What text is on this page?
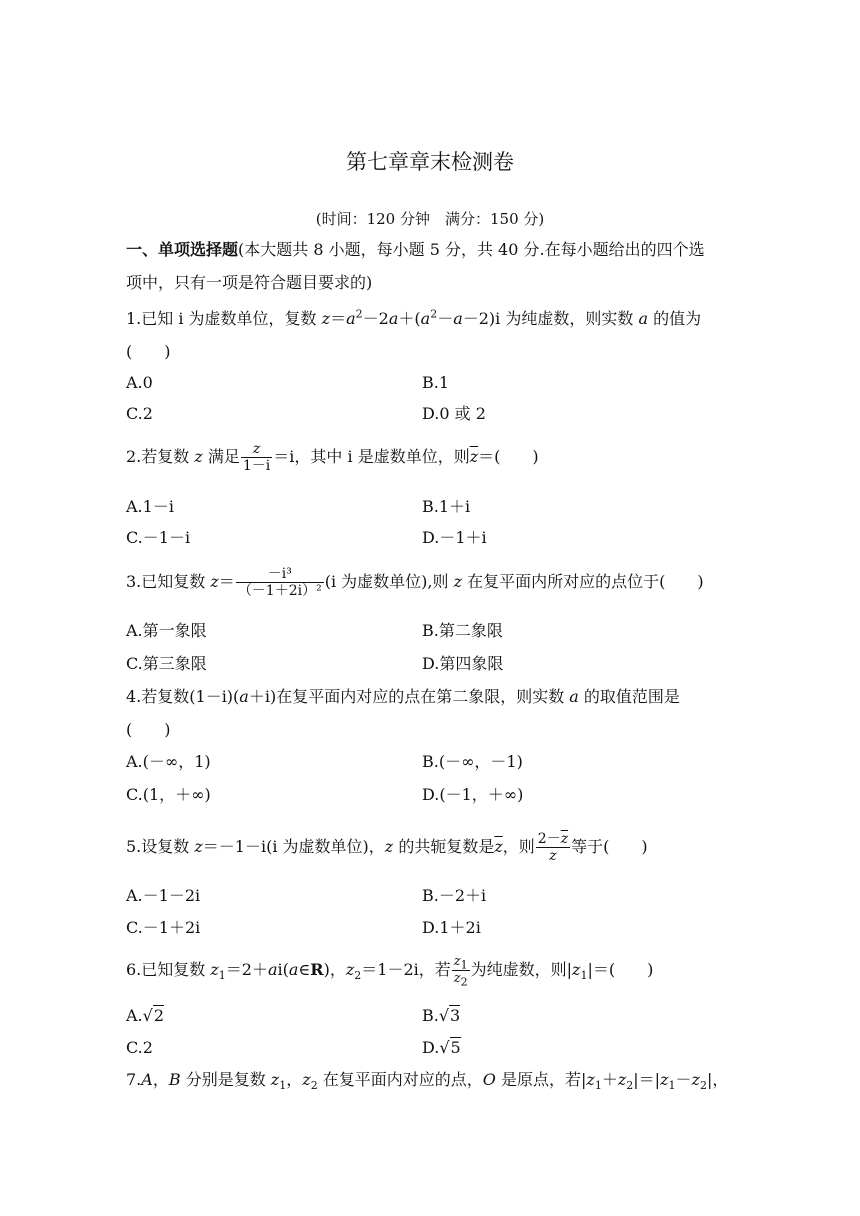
第七章章末检测卷
(时间：120 分钟　满分：150 分)
一、单项选择题(本大题共 8 小题，每小题 5 分，共 40 分.在每小题给出的四个选
项中，只有一项是符合题目要求的)
1.已知 i 为虚数单位，复数 $z=a^2-2a+(a^2-a-2)i$ 为纯虚数，则实数 a 的值为
(　　)
A.0	B.1
C.2	D.0 或 2
2.若复数 z 满足 $\frac{z}{1-i} =i$，其中 i 是虚数单位，则$\overline{z}=$(　　)
A.1－i	B.1＋i
C.－1－i	D.－1＋i
3.已知复数 $z= \frac{\text{－i³}}{\text{（－1＋2i）²}} (i$ 为虚数单位),则 z 在复平面内所对应的点位于(　　)
A.第一象限	B.第二象限
C.第三象限	D.第四象限
4.若复数(1－i)(a＋i)在复平面内对应的点在第二象限，则实数 a 的取值范围是
(　　)
A.(－∞，1)	B.(－∞，－1)
C.(1，＋∞)	D.(－1，＋∞)
5.设复数 z＝－1－i(i 为虚数单位)，z 的共轭复数是$\overline{z}$，则 $\frac{2-\overline{z}}{z}$ 等于(　　)
A.－1－2i	B.－2＋i
C.－1＋2i	D.1＋2i
6.已知复数 $z_1=2+ai(a\in R)$，$z_2=1-2i$，若 $\frac{z_1}{z_2}$ 为纯虚数，则$|z_1|=$(　　)
A.√2	B.√3
C.2	D.√5
7.A，B 分别是复数 $z_1$，$z_2$ 在复平面内对应的点，O 是原点，若$|z_1+z_2|=|z_1-z_2|$，
